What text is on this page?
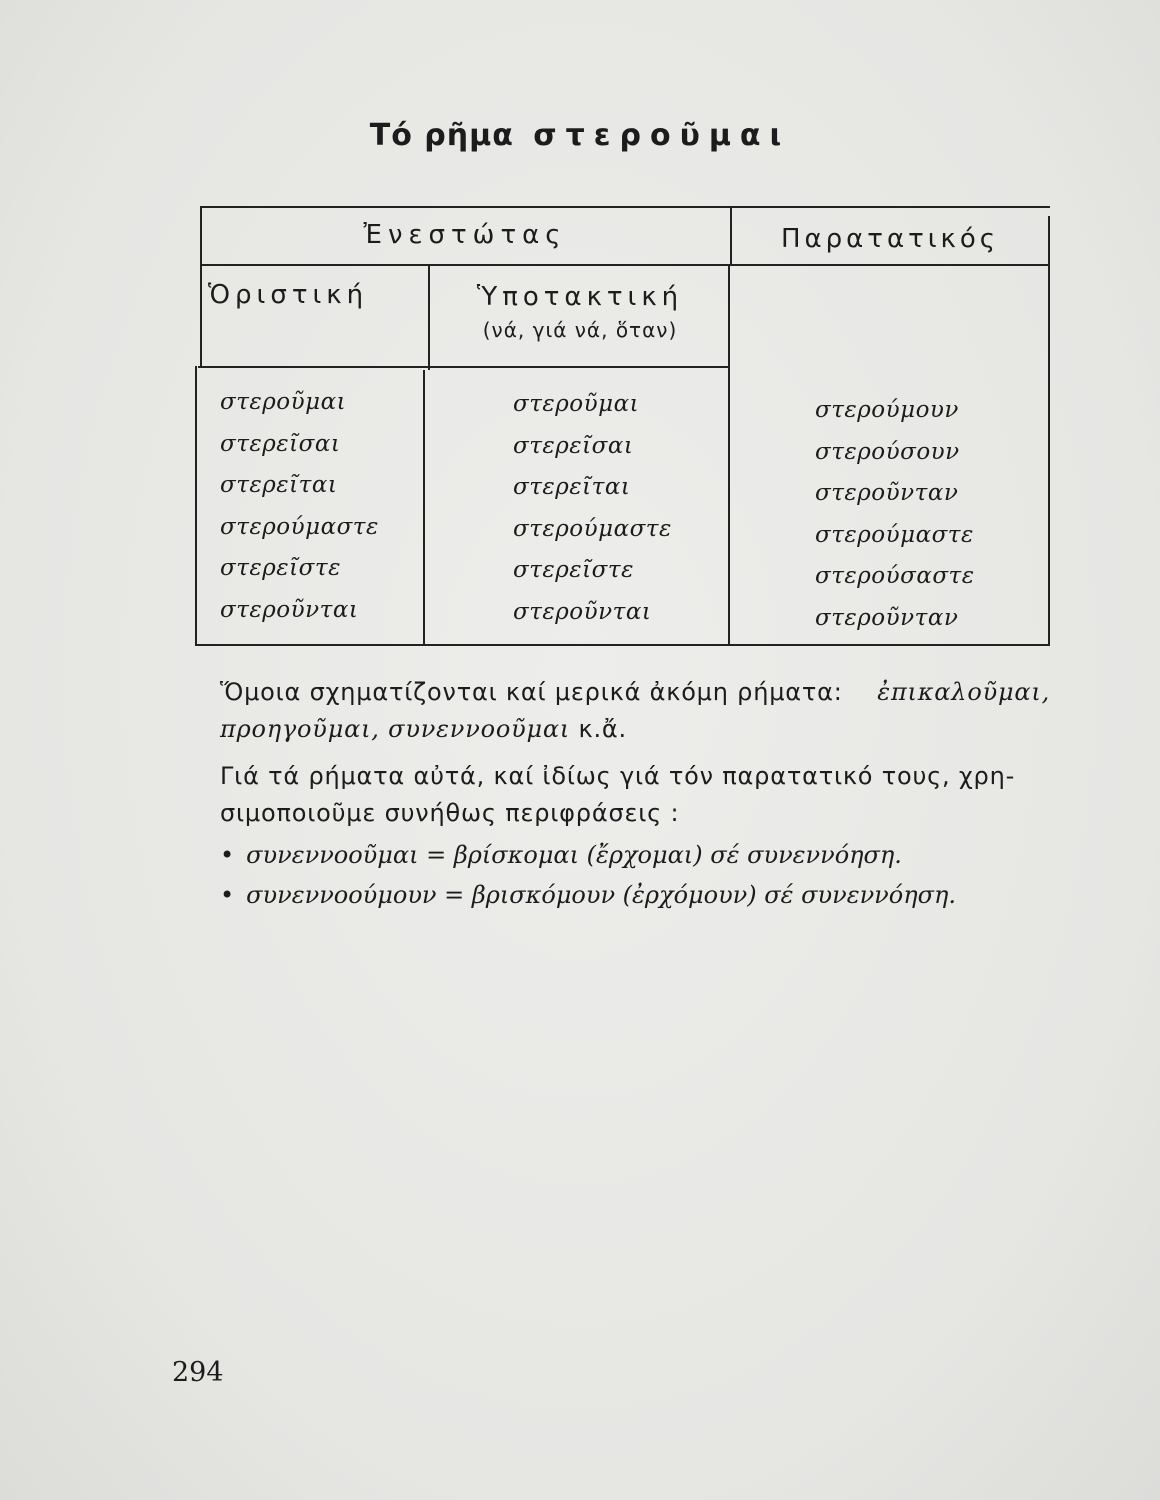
Τό ρῆμα στεροῦμαι
Ἐνεστώτας	Παρατατικός
Ὁριστική	Ὑποτακτική
(νά, γιά νά, ὅταν)
στεροῦμαι
στερεῖσαι
στερεῖται
στερούμαστε
στερεῖστε
στεροῦνται
στεροῦμαι
στερεῖσαι
στερεῖται
στερούμαστε
στερεῖστε
στεροῦνται
στερούμουν
στερούσουν
στεροῦνταν
στερούμαστε
στερούσαστε
στεροῦνταν
Ὅμοια σχηματίζονται καί μερικά ἀκόμη ρήματα: ἐπικαλοῦμαι,
προηγοῦμαι, συνεννοοῦμαι κ.ἄ.
Γιά τά ρήματα αὐτά, καί ἰδίως γιά τόν παρατατικό τους, χρη-
σιμοποιοῦμε συνήθως περιφράσεις :
• συνεννοοῦμαι = βρίσκομαι (ἔρχομαι) σέ συνεννόηση.
• συνεννοούμουν = βρισκόμουν (ἐρχόμουν) σέ συνεννόηση.
294
